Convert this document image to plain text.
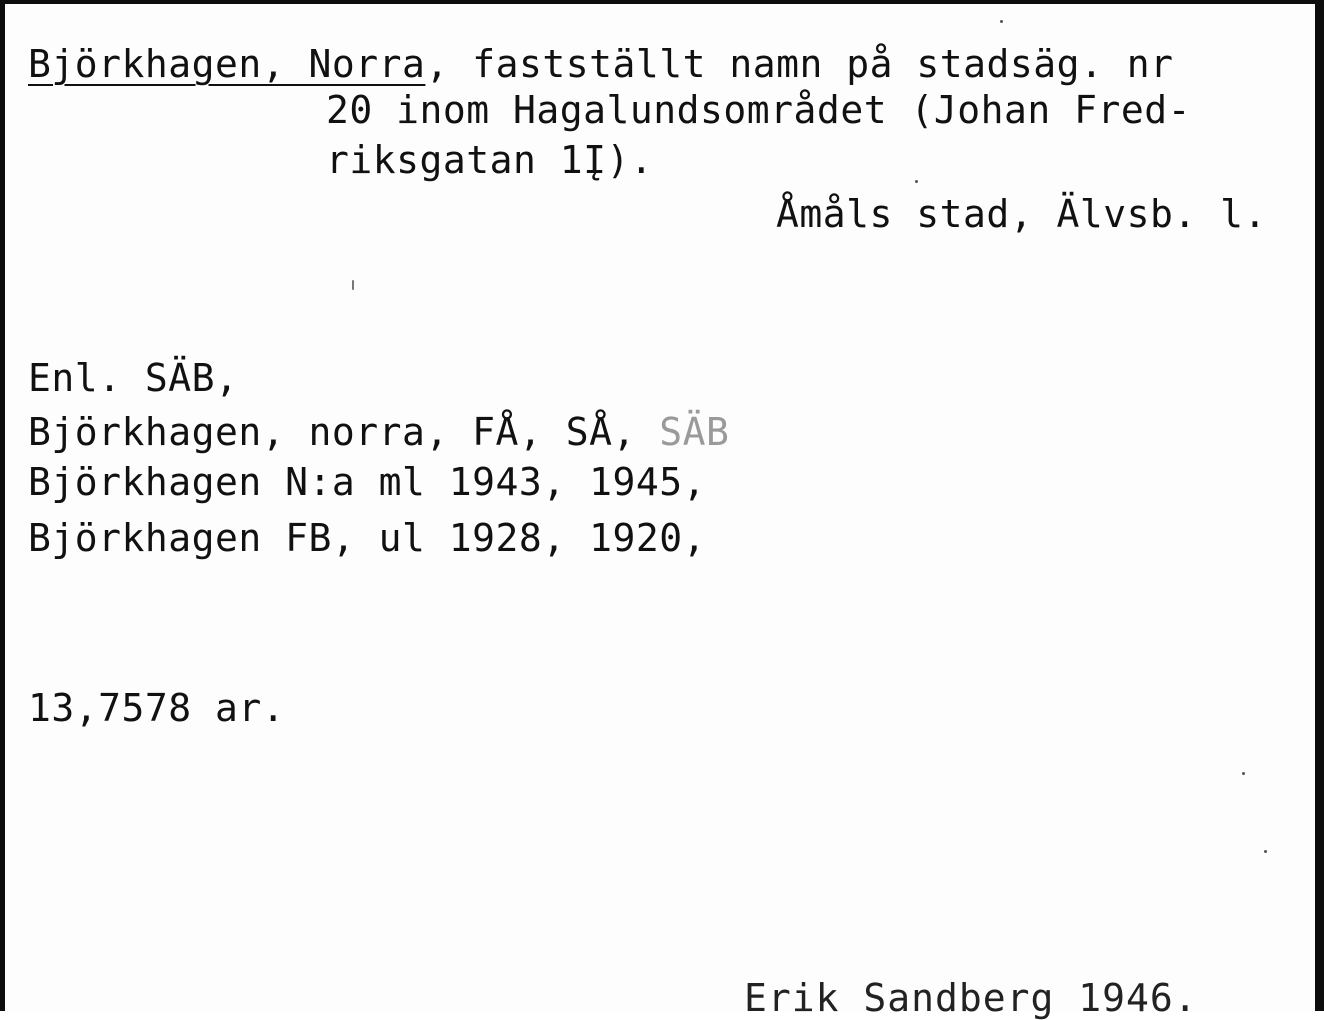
Björkhagen, Norra, fastställt namn på stadsäg. nr
20 inom Hagalundsområdet (Johan Fred-
riksgatan 1Į).
Åmåls stad, Älvsb. l.
Enl. SÄB,
Björkhagen, norra, FÅ, SÅ, SÄB
Björkhagen N:a ml 1943, 1945,
Björkhagen FB, ul 1928, 1920,
13,7578 ar.
Erik Sandberg 1946.
